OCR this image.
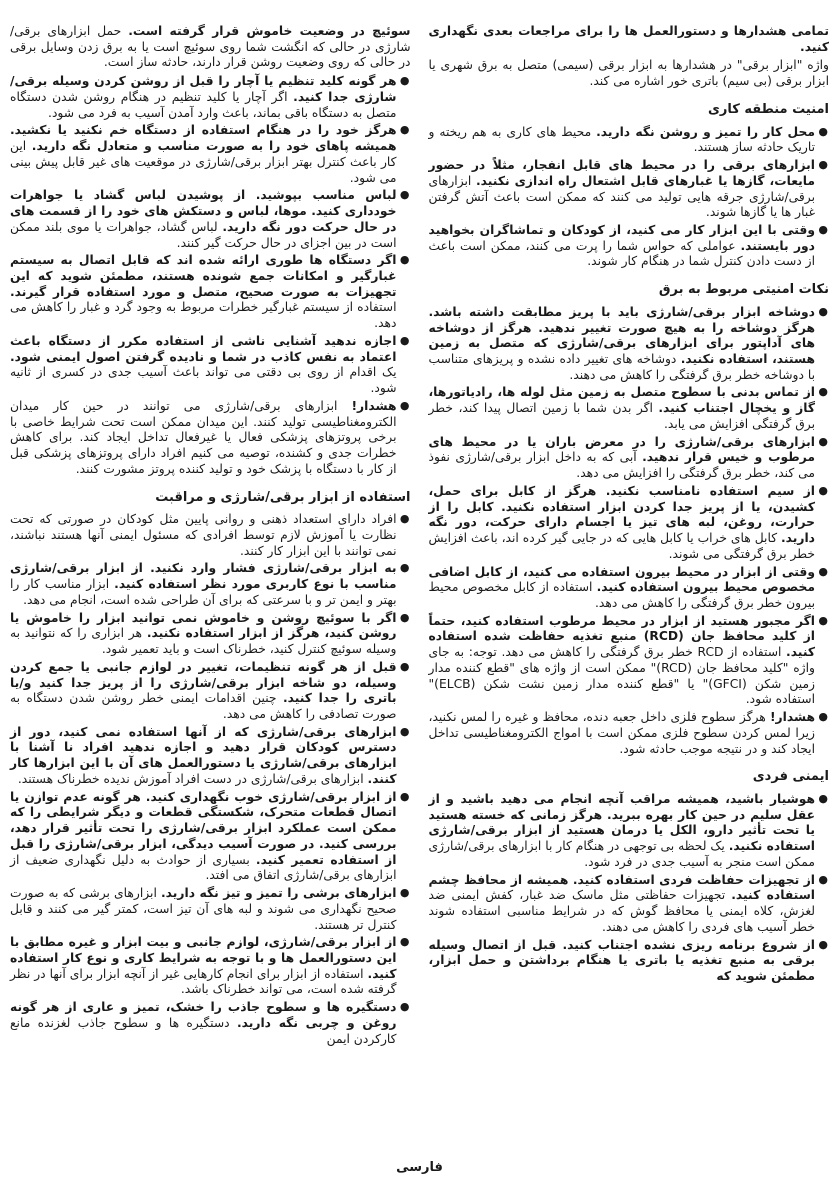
تمامی هشدارها و دستورالعمل ها را برای مراجعات بعدی نگهداری کنید.
واژه "ابزار برقی" در هشدارها به ابزار برقی (سیمی) متصل به برق شهری یا ابزار برقی (بی سیم) باتری خور اشاره می کند.
امنیت منطقه کاری
●
محل کار را تمیز و روشن نگه دارید. محیط های کاری به هم ریخته و تاریک حادثه ساز هستند.
●
ابزارهای برقی را در محیط های قابل انفجار، مثلاً در حضور مایعات، گازها یا غبارهای قابل اشتعال راه اندازی نکنید. ابزارهای برقی/شارژی جرقه هایی تولید می کنند که ممکن است باعث آتش گرفتن غبار ها یا گازها شوند.
●
وقتی با این ابزار کار می کنید، از کودکان و تماشاگران بخواهید دور بایستند. عواملی که حواس شما را پرت می کنند، ممکن است باعث از دست دادن کنترل شما در هنگام کار شوند.
نکات امنیتی مربوط به برق
●
دوشاخه ابزار برقی/شارژی باید با پریز مطابقت داشته باشد. هرگز دوشاخه را به هیچ صورت تغییر ندهید. هرگز از دوشاخه های آداپتور برای ابزارهای برقی/شارژی که متصل به زمین هستند، استفاده نکنید. دوشاخه های تغییر داده نشده و پریزهای متناسب با دوشاخه خطر برق گرفتگی را کاهش می دهند.
●
از تماس بدنی با سطوح متصل به زمین مثل لوله ها، رادیاتورها، گاز و یخچال اجتناب کنید. اگر بدن شما با زمین اتصال پیدا کند، خطر برق گرفتگی افزایش می یابد.
●
ابزارهای برقی/شارژی را در معرض باران یا در محیط های مرطوب و خیس قرار ندهید. آبی که به داخل ابزار برقی/شارژی نفوذ می کند، خطر برق گرفتگی را افزایش می دهد.
●
از سیم استفاده نامناسب نکنید. هرگز از کابل برای حمل، کشیدن، یا از پریز جدا کردن ابزار استفاده نکنید. کابل را از حرارت، روغن، لبه های تیز یا اجسام دارای حرکت، دور نگه دارید. کابل های خراب یا کابل هایی که در جایی گیر کرده اند، باعث افزایش خطر برق گرفتگی می شوند.
●
وقتی از ابزار در محیط بیرون استفاده می کنید، از کابل اضافی مخصوص محیط بیرون استفاده کنید. استفاده از کابل مخصوص محیط بیرون خطر برق گرفتگی را کاهش می دهد.
●
اگر مجبور هستید از ابزار در محیط مرطوب استفاده کنید، حتماً از کلید محافظ جان (RCD) منبع تغذیه حفاظت شده استفاده کنید. استفاده از RCD خطر برق گرفتگی را کاهش می دهد. توجه: به جای واژه "کلید محافظ جان (RCD)" ممکن است از واژه های "قطع کننده مدار زمین شکن (GFCI)" یا "قطع کننده مدار زمین نشت شکن (ELCB)" استفاده شود.
●
هشدار! هرگز سطوح فلزی داخل جعبه دنده، محافظ و غیره را لمس نکنید، زیرا لمس کردن سطوح فلزی ممکن است با امواج الکترومغناطیسی تداخل ایجاد کند و در نتیجه موجب حادثه شود.
ایمنی فردی
●
هوشیار باشید، همیشه مراقب آنچه انجام می دهید باشید و از عقل سلیم در حین کار بهره ببرید. هرگز زمانی که خسته هستید یا تحت تأثیر دارو، الکل یا درمان هستید از ابزار برقی/شارژی استفاده نکنید. یک لحظه بی توجهی در هنگام کار با ابزارهای برقی/شارژی ممکن است منجر به آسیب جدی در فرد شود.
●
از تجهیزات حفاظت فردی استفاده کنید. همیشه از محافظ چشم استفاده کنید. تجهیزات حفاظتی مثل ماسک ضد غبار، کفش ایمنی ضد لغزش، کلاه ایمنی یا محافظ گوش که در شرایط مناسبی استفاده شوند خطر آسیب های فردی را کاهش می دهند.
●
از شروع برنامه ریزی نشده اجتناب کنید. قبل از اتصال وسیله برقی به منبع تغذیه یا باتری یا هنگام برداشتن و حمل ابزار، مطمئن شوید که
سوئیچ در وضعیت خاموش قرار گرفته است. حمل ابزارهای برقی/شارژی در حالی که انگشت شما روی سوئیچ است یا به برق زدن وسایل برقی در حالی که روی وضعیت روشن قرار دارند، حادثه ساز است.
●
هر گونه کلید تنظیم یا آچار را قبل از روشن کردن وسیله برقی/شارژی جدا کنید. اگر آچار یا کلید تنظیم در هنگام روشن شدن دستگاه متصل به دستگاه باقی بماند، باعث وارد آمدن آسیب به فرد می شود.
●
هرگز خود را در هنگام استفاده از دستگاه خم نکنید یا نکشید. همیشه پاهای خود را به صورت مناسب و متعادل نگه دارید. این کار باعث کنترل بهتر ابزار برقی/شارژی در موقعیت های غیر قابل پیش بینی می شود.
●
لباس مناسب بپوشید. از پوشیدن لباس گشاد یا جواهرات خودداری کنید. موها، لباس و دستکش های خود را از قسمت های در حال حرکت دور نگه دارید. لباس گشاد، جواهرات یا موی بلند ممکن است در بین اجزای در حال حرکت گیر کنند.
●
اگر دستگاه ها طوری ارائه شده اند که قابل اتصال به سیستم غبارگیر و امکانات جمع شونده هستند، مطمئن شوید که این تجهیزات به صورت صحیح، متصل و مورد استفاده قرار گیرند. استفاده از سیستم غبارگیر خطرات مربوط به وجود گرد و غبار را کاهش می دهد.
●
اجازه ندهید آشنایی ناشی از استفاده مکرر از دستگاه باعث اعتماد به نفس کاذب در شما و نادیده گرفتن اصول ایمنی شود. یک اقدام از روی بی دقتی می تواند باعث آسیب جدی در کسری از ثانیه شود.
●
هشدار! ابزارهای برقی/شارژی می توانند در حین کار میدان الکترومغناطیسی تولید کنند. این میدان ممکن است تحت شرایط خاصی با برخی پروتزهای پزشکی فعال یا غیرفعال تداخل ایجاد کند. برای کاهش خطرات جدی و کشنده، توصیه می کنیم افراد دارای پروتزهای پزشکی قبل از کار با دستگاه با پزشک خود و تولید کننده پروتز مشورت کنند.
استفاده از ابزار برقی/شارژی و مراقبت
●
افراد دارای استعداد ذهنی و روانی پایین مثل کودکان در صورتی که تحت نظارت یا آموزش لازم توسط افرادی که مسئول ایمنی آنها هستند نباشند، نمی توانند با این ابزار کار کنند.
●
به ابزار برقی/شارژی فشار وارد نکنید. از ابزار برقی/شارژی مناسب با نوع کاربری مورد نظر استفاده کنید. ابزار مناسب کار را بهتر و ایمن تر و با سرعتی که برای آن طراحی شده است، انجام می دهد.
●
اگر با سوئیچ روشن و خاموش نمی توانید ابزار را خاموش یا روشن کنید، هرگز از ابزار استفاده نکنید. هر ابزاری را که نتوانید به وسیله سوئیچ کنترل کنید، خطرناک است و باید تعمیر شود.
●
قبل از هر گونه تنظیمات، تغییر در لوازم جانبی یا جمع کردن وسیله، دو شاخه ابزار برقی/شارژی را از پریز جدا کنید و/یا باتری را جدا کنید. چنین اقدامات ایمنی خطر روشن شدن دستگاه به صورت تصادفی را کاهش می دهد.
●
ابزارهای برقی/شارژی که از آنها استفاده نمی کنید، دور از دسترس کودکان قرار دهید و اجازه ندهید افراد نا آشنا با ابزارهای برقی/شارژی یا دستورالعمل های آن با این ابزارها کار کنند. ابزارهای برقی/شارژی در دست افراد آموزش ندیده خطرناک هستند.
●
از ابزار برقی/شارژی خوب نگهداری کنید. هر گونه عدم توازن یا اتصال قطعات متحرک، شکستگی قطعات و دیگر شرایطی را که ممکن است عملکرد ابزار برقی/شارژی را تحت تأثیر قرار دهد، بررسی کنید. در صورت آسیب دیدگی، ابزار برقی/شارژی را قبل از استفاده تعمیر کنید. بسیاری از حوادث به دلیل نگهداری ضعیف از ابزارهای برقی/شارژی اتفاق می افتد.
●
ابزارهای برشی را تمیز و تیز نگه دارید. ابزارهای برشی که به صورت صحیح نگهداری می شوند و لبه های آن تیز است، کمتر گیر می کنند و قابل کنترل تر هستند.
●
از ابزار برقی/شارژی، لوازم جانبی و بیت ابزار و غیره مطابق با این دستورالعمل ها و با توجه به شرایط کاری و نوع کار استفاده کنید. استفاده از ابزار برای انجام کارهایی غیر از آنچه ابزار برای آنها در نظر گرفته شده است، می تواند خطرناک باشد.
●
دستگیره ها و سطوح جاذب را خشک، تمیز و عاری از هر گونه روغن و چربی نگه دارید. دستگیره ها و سطوح جاذب لغزنده مانع کارکردن ایمن
فارسی
